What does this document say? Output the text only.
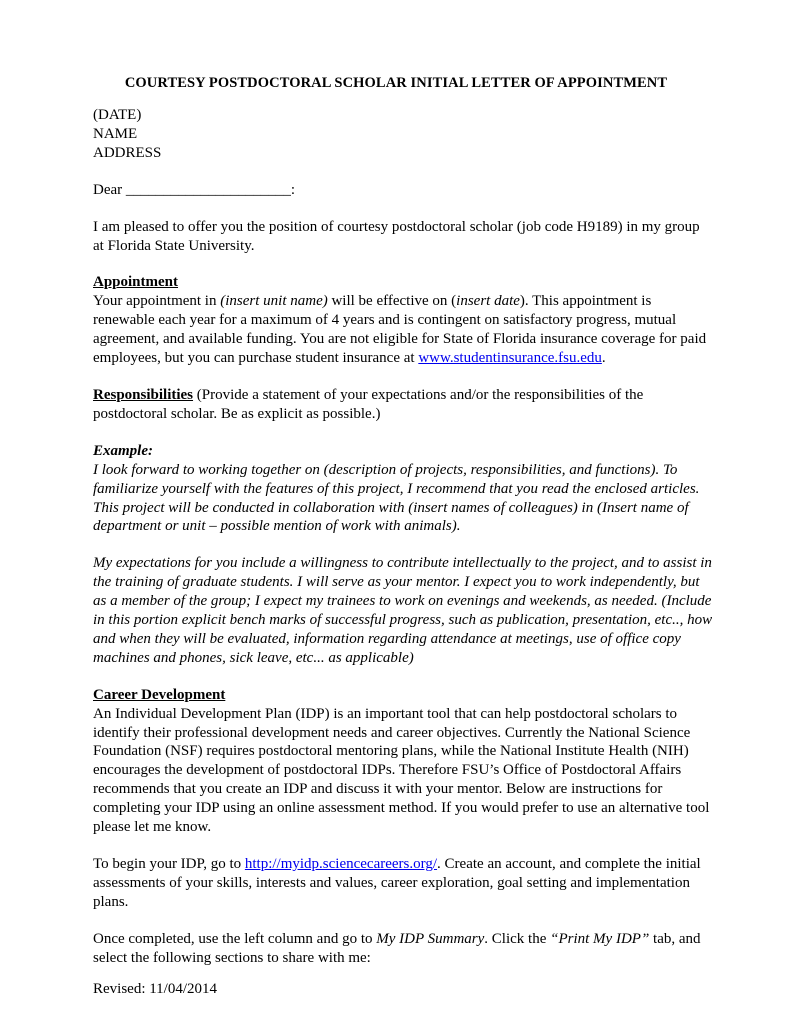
COURTESY POSTDOCTORAL SCHOLAR INITIAL LETTER OF APPOINTMENT

(DATE)

NAME

ADDRESS

Dear ______________________:

I am pleased to offer you the position of courtesy postdoctoral scholar (job code H9189) in my group at Florida State University.

Appointment

Your appointment in (insert unit name) will be effective on (insert date). This appointment is renewable each year for a maximum of 4 years and is contingent on satisfactory progress, mutual agreement, and available funding. You are not eligible for State of Florida insurance coverage for paid employees, but you can purchase student insurance at www.studentinsurance.fsu.edu.

Responsibilities (Provide a statement of your expectations and/or the responsibilities of the postdoctoral scholar. Be as explicit as possible.)

Example:

I look forward to working together on (description of projects, responsibilities, and functions). To familiarize yourself with the features of this project, I recommend that you read the enclosed articles. This project will be conducted in collaboration with (insert names of colleagues) in (Insert name of department or unit – possible mention of work with animals).

My expectations for you include a willingness to contribute intellectually to the project, and to assist in the training of graduate students. I will serve as your mentor. I expect you to work independently, but as a member of the group; I expect my trainees to work on evenings and weekends, as needed. (Include in this portion explicit bench marks of successful progress, such as publication, presentation, etc.., how and when they will be evaluated, information regarding attendance at meetings, use of office copy machines and phones, sick leave, etc... as applicable)

Career Development

An Individual Development Plan (IDP) is an important tool that can help postdoctoral scholars to identify their professional development needs and career objectives. Currently the National Science Foundation (NSF) requires postdoctoral mentoring plans, while the National Institute Health (NIH) encourages the development of postdoctoral IDPs. Therefore FSU’s Office of Postdoctoral Affairs recommends that you create an IDP and discuss it with your mentor. Below are instructions for completing your IDP using an online assessment method. If you would prefer to use an alternative tool please let me know.

To begin your IDP, go to http://myidp.sciencecareers.org/. Create an account, and complete the initial assessments of your skills, interests and values, career exploration, goal setting and implementation plans.

Once completed, use the left column and go to My IDP Summary. Click the “Print My IDP” tab, and select the following sections to share with me:

Revised: 11/04/2014
